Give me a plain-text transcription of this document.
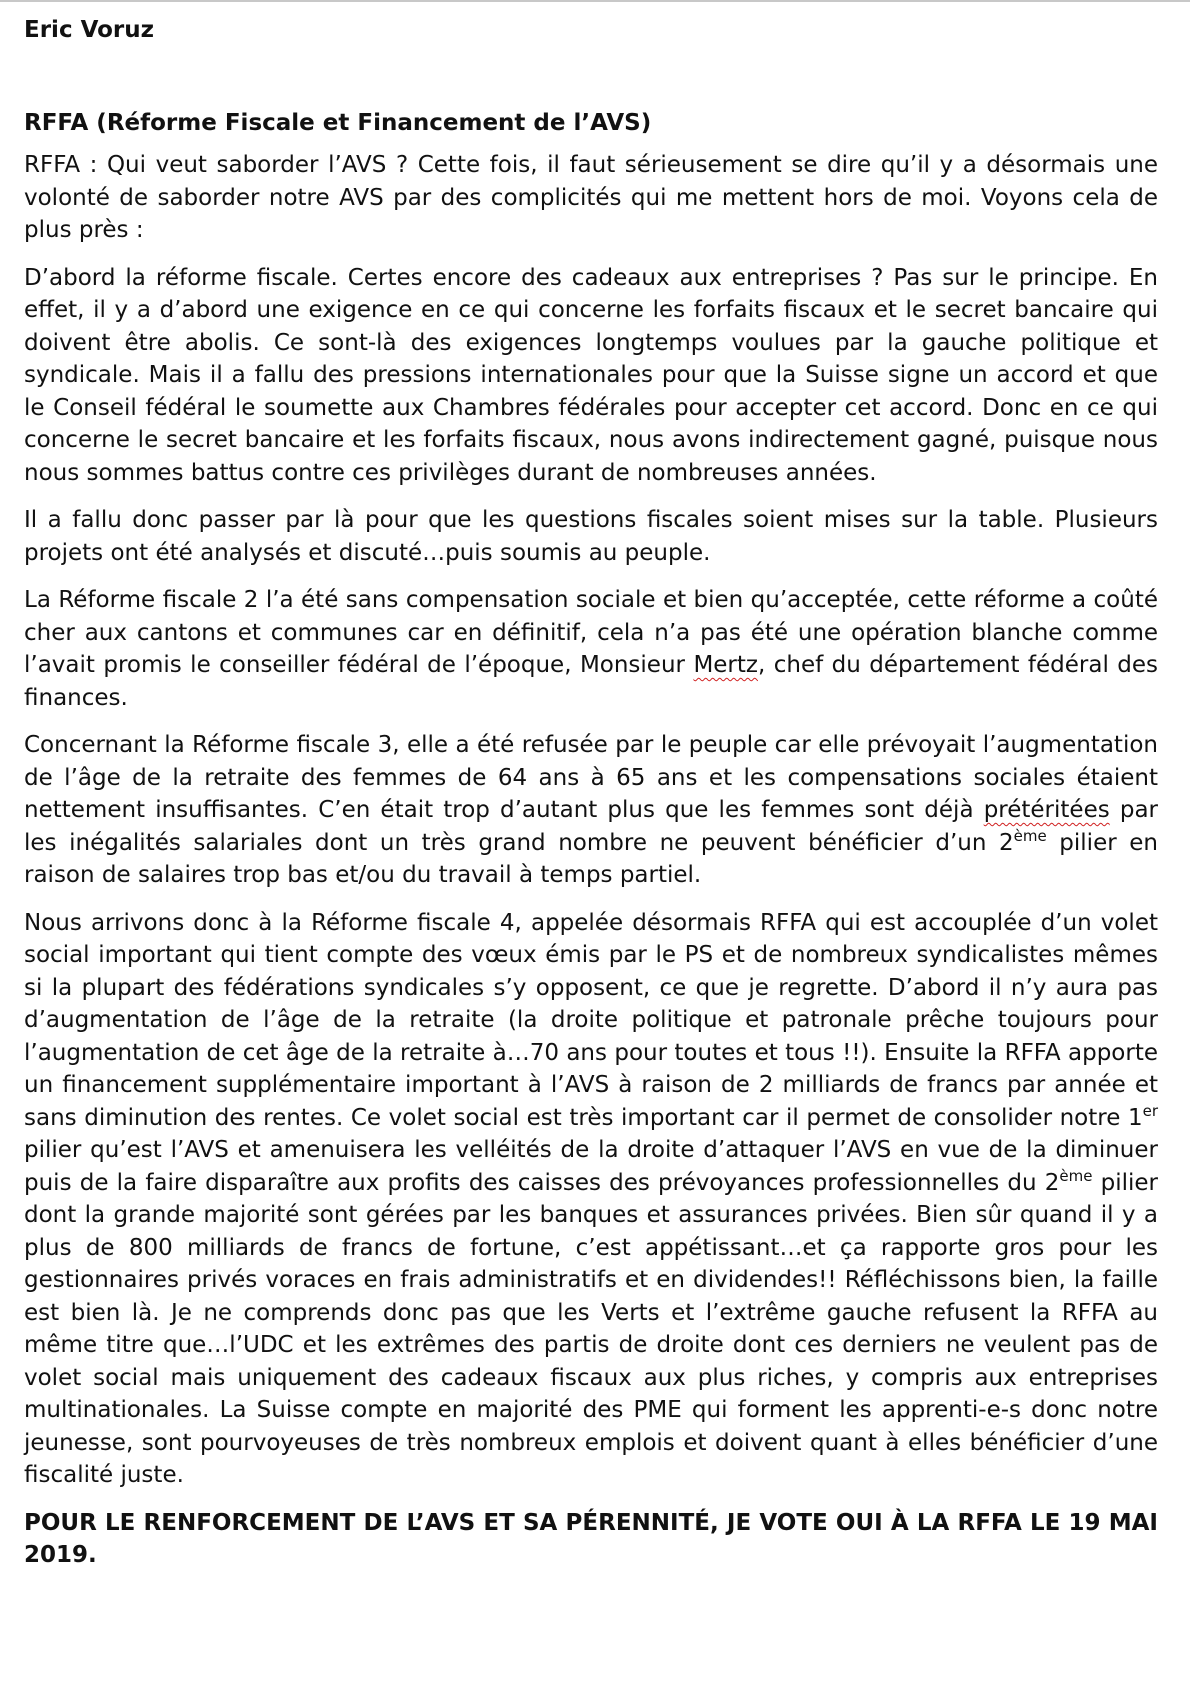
Eric Voruz

RFFA (Réforme Fiscale et Financement de l’AVS)

RFFA : Qui veut saborder l’AVS ? Cette fois, il faut sérieusement se dire qu’il y a désormais une volonté de saborder notre AVS par des complicités qui me mettent hors de moi. Voyons cela de plus près :

D’abord la réforme fiscale. Certes encore des cadeaux aux entreprises ? Pas sur le principe. En effet, il y a d’abord une exigence en ce qui concerne les forfaits fiscaux et le secret bancaire qui doivent être abolis. Ce sont-là des exigences longtemps voulues par la gauche politique et syndicale. Mais il a fallu des pressions internationales pour que la Suisse signe un accord et que le Conseil fédéral le soumette aux Chambres fédérales pour accepter cet accord. Donc en ce qui concerne le secret bancaire et les forfaits fiscaux, nous avons indirectement gagné, puisque nous nous sommes battus contre ces privilèges durant de nombreuses années.

Il a fallu donc passer par là pour que les questions fiscales soient mises sur la table. Plusieurs projets ont été analysés et discuté…puis soumis au peuple.

La Réforme fiscale 2 l’a été sans compensation sociale et bien qu’acceptée, cette réforme a coûté cher aux cantons et communes car en définitif, cela n’a pas été une opération blanche comme l’avait promis le conseiller fédéral de l’époque, Monsieur Mertz, chef du département fédéral des finances.

Concernant la Réforme fiscale 3, elle a été refusée par le peuple car elle prévoyait l’augmentation de l’âge de la retraite des femmes de 64 ans à 65 ans et les compensations sociales étaient nettement insuffisantes. C’en était trop d’autant plus que les femmes sont déjà prétéritées par les inégalités salariales dont un très grand nombre ne peuvent bénéficier d’un 2ème pilier en raison de salaires trop bas et/ou du travail à temps partiel.

Nous arrivons donc à la Réforme fiscale 4, appelée désormais RFFA qui est accouplée d’un volet social important qui tient compte des vœux émis par le PS et de nombreux syndicalistes mêmes si la plupart des fédérations syndicales s’y opposent, ce que je regrette. D’abord il n’y aura pas d’augmentation de l’âge de la retraite (la droite politique et patronale prêche toujours pour l’augmentation de cet âge de la retraite à…70 ans pour toutes et tous !!). Ensuite la RFFA apporte un financement supplémentaire important à l’AVS à raison de 2 milliards de francs par année et sans diminution des rentes. Ce volet social est très important car il permet de consolider notre 1er pilier qu’est l’AVS et amenuisera les velléités de la droite d’attaquer l’AVS en vue de la diminuer puis de la faire disparaître aux profits des caisses des prévoyances professionnelles du 2ème pilier dont la grande majorité sont gérées par les banques et assurances privées. Bien sûr quand il y a plus de 800 milliards de francs de fortune, c’est appétissant…et ça rapporte gros pour les gestionnaires privés voraces en frais administratifs et en dividendes!! Réfléchissons bien, la faille est bien là. Je ne comprends donc pas que les Verts et l’extrême gauche refusent la RFFA au même titre que…l’UDC et les extrêmes des partis de droite dont ces derniers ne veulent pas de volet social mais uniquement des cadeaux fiscaux aux plus riches, y compris aux entreprises multinationales. La Suisse compte en majorité des PME qui forment les apprenti-e-s donc notre jeunesse, sont pourvoyeuses de très nombreux emplois et doivent quant à elles bénéficier d’une fiscalité juste.

POUR LE RENFORCEMENT DE L’AVS ET SA PÉRENNITÉ, JE VOTE OUI À LA RFFA LE 19 MAI 2019.
